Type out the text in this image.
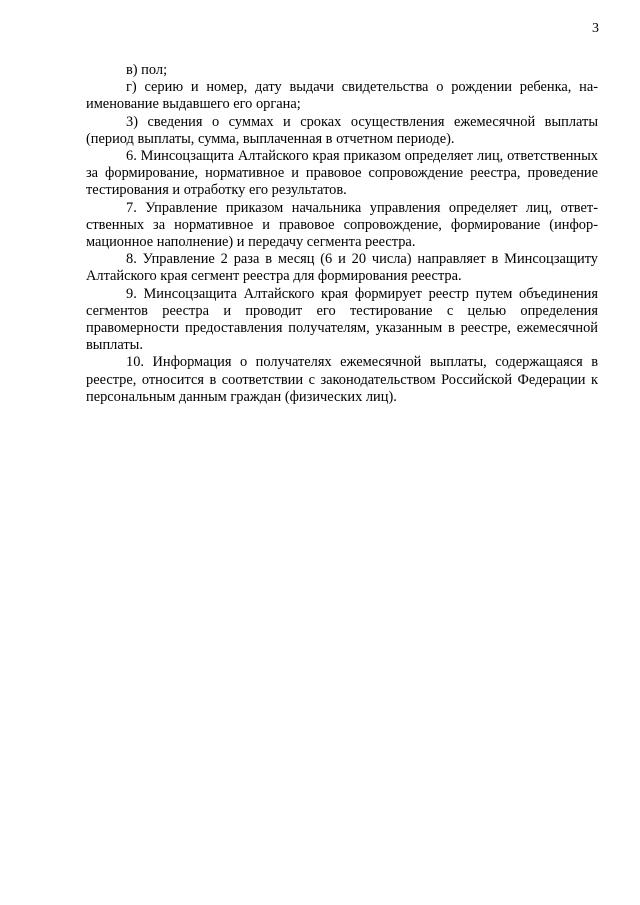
3

в) пол;

г) серию и номер, дату выдачи свидетельства о рождении ребенка, наименование выдавшего его органа;

3) сведения о суммах и сроках осуществления ежемесячной выплаты (период выплаты, сумма, выплаченная в отчетном периоде).

6. Минсоцзащита Алтайского края приказом определяет лиц, ответственных за формирование, нормативное и правовое сопровождение реестра, проведение тестирования и отработку его результатов.

7. Управление приказом начальника управления определяет лиц, ответственных за нормативное и правовое сопровождение, формирование (информационное наполнение) и передачу сегмента реестра.

8. Управление 2 раза в месяц (6 и 20 числа) направляет в Минсоцзащиту Алтайского края сегмент реестра для формирования реестра.

9. Минсоцзащита Алтайского края формирует реестр путем объединения сегментов реестра и проводит его тестирование с целью определения правомерности предоставления получателям, указанным в реестре, ежемесячной выплаты.

10. Информация о получателях ежемесячной выплаты, содержащаяся в реестре, относится в соответствии с законодательством Российской Федерации к персональным данным граждан (физических лиц).
